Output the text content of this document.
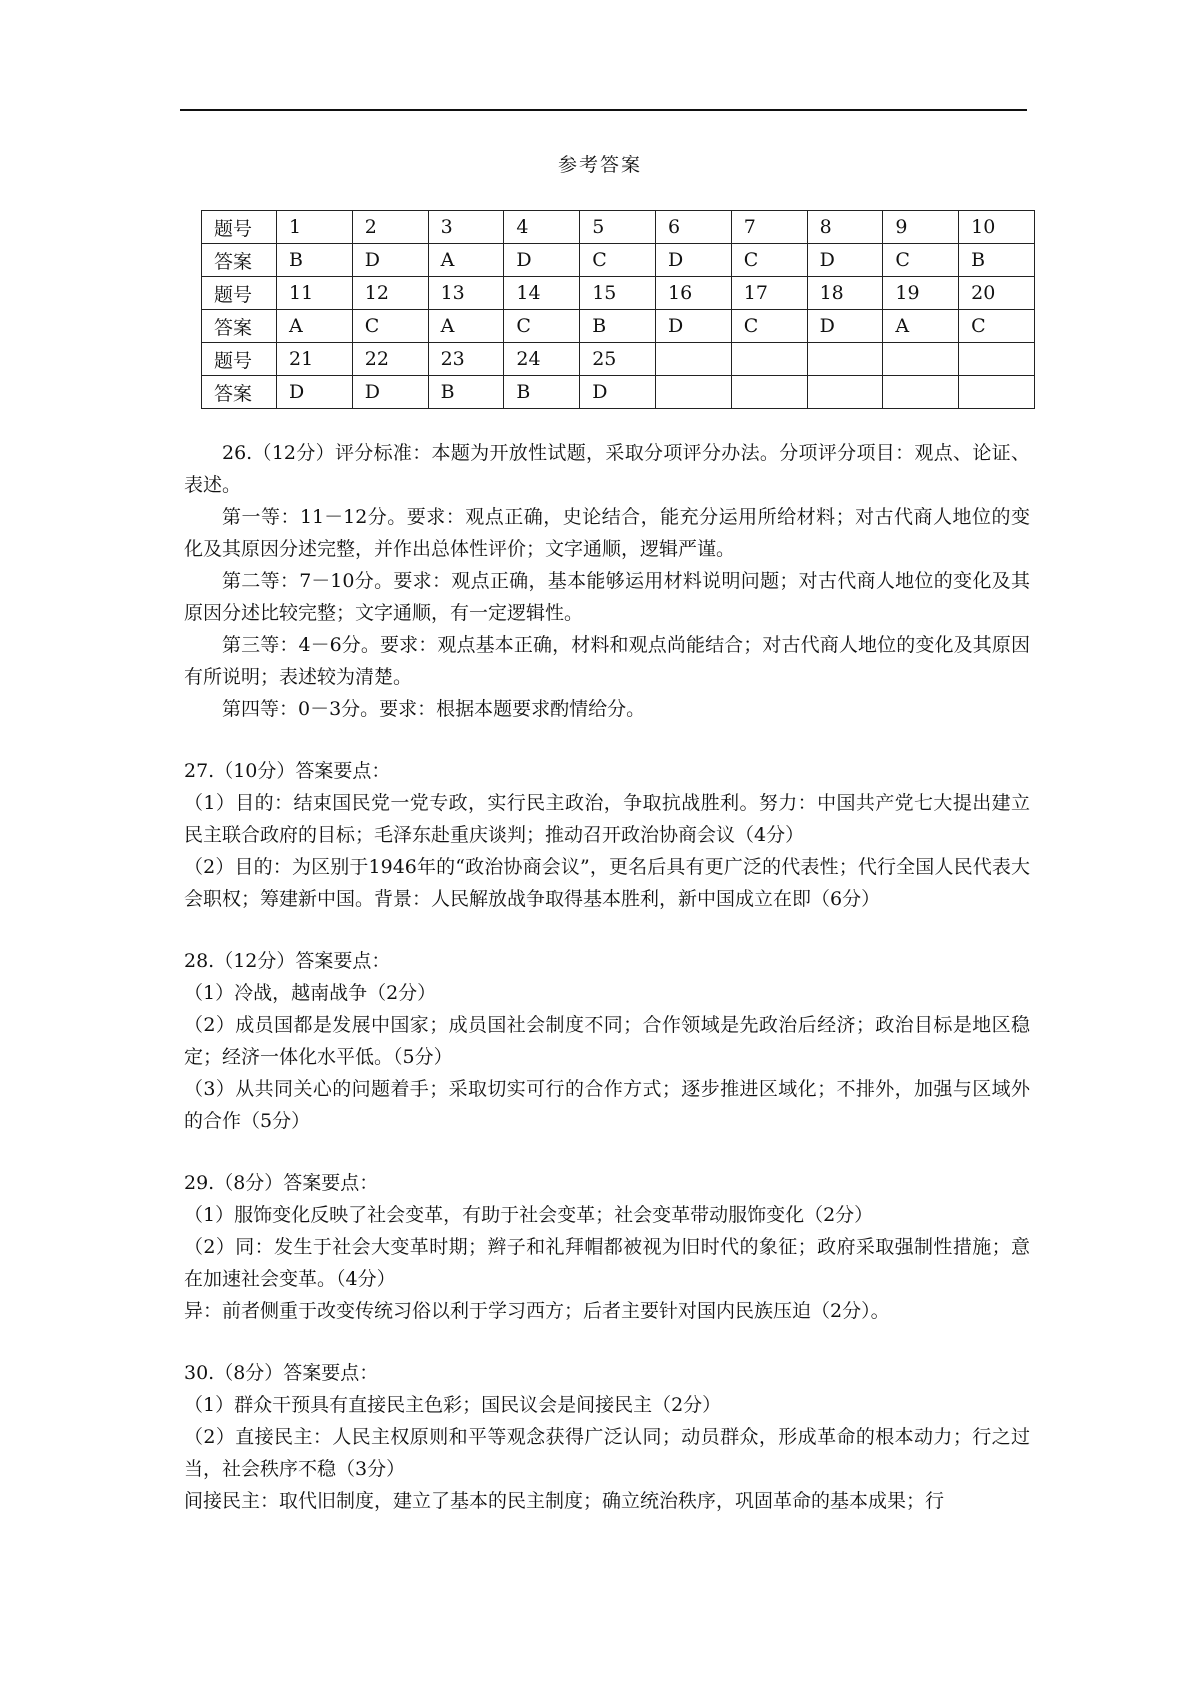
参考答案
题号	1	2	3	4	5	6	7	8	9	10
答案	B	D	A	D	C	D	C	D	C	B
题号	11	12	13	14	15	16	17	18	19	20
答案	A	C	A	C	B	D	C	D	A	C
题号	21	22	23	24	25					
答案	D	D	B	B	D					

26.（12分）评分标准：本题为开放性试题，采取分项评分办法。分项评分项目：观点、论证、表述。

第一等：11－12分。要求：观点正确，史论结合，能充分运用所给材料；对古代商人地位的变化及其原因分述完整，并作出总体性评价；文字通顺，逻辑严谨。

第二等：7－10分。要求：观点正确，基本能够运用材料说明问题；对古代商人地位的变化及其原因分述比较完整；文字通顺，有一定逻辑性。

第三等：4－6分。要求：观点基本正确，材料和观点尚能结合；对古代商人地位的变化及其原因有所说明；表述较为清楚。

第四等：0－3分。要求：根据本题要求酌情给分。

27.（10分）答案要点：

（1）目的：结束国民党一党专政，实行民主政治，争取抗战胜利。努力：中国共产党七大提出建立民主联合政府的目标；毛泽东赴重庆谈判；推动召开政治协商会议（4分）

（2）目的：为区别于1946年的“政治协商会议”，更名后具有更广泛的代表性；代行全国人民代表大会职权；筹建新中国。背景：人民解放战争取得基本胜利，新中国成立在即（6分）

28.（12分）答案要点：

（1）冷战，越南战争（2分）

（2）成员国都是发展中国家；成员国社会制度不同；合作领域是先政治后经济；政治目标是地区稳定；经济一体化水平低。（5分）

（3）从共同关心的问题着手；采取切实可行的合作方式；逐步推进区域化；不排外，加强与区域外的合作（5分）

29.（8分）答案要点：

（1）服饰变化反映了社会变革，有助于社会变革；社会变革带动服饰变化（2分）

（2）同：发生于社会大变革时期；辫子和礼拜帽都被视为旧时代的象征；政府采取强制性措施；意在加速社会变革。（4分）

异：前者侧重于改变传统习俗以利于学习西方；后者主要针对国内民族压迫（2分）。

30.（8分）答案要点：

（1）群众干预具有直接民主色彩；国民议会是间接民主（2分）

（2）直接民主：人民主权原则和平等观念获得广泛认同；动员群众，形成革命的根本动力；行之过当，社会秩序不稳（3分）

间接民主：取代旧制度，建立了基本的民主制度；确立统治秩序，巩固革命的基本成果；行
